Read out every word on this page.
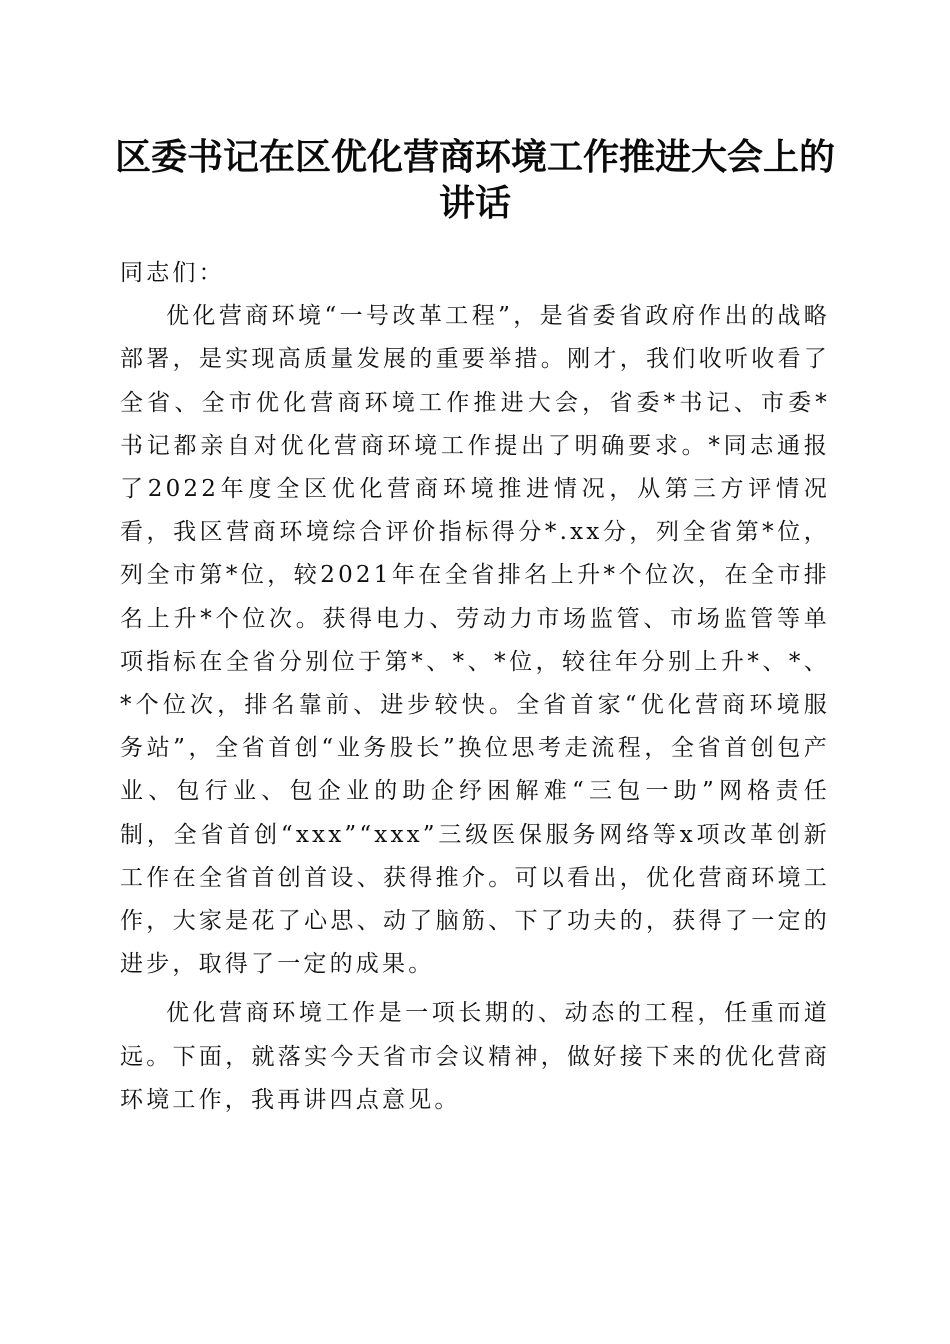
区委书记在区优化营商环境工作推进大会上的
讲话

同志们：

优化营商环境“一号改革工程”，是省委省政府作出的战略部署，是实现高质量发展的重要举措。刚才，我们收听收看了全省、全市优化营商环境工作推进大会，省委*书记、市委*书记都亲自对优化营商环境工作提出了明确要求。*同志通报了2022年度全区优化营商环境推进情况，从第三方评情况看，我区营商环境综合评价指标得分*.xx分，列全省第*位，列全市第*位，较2021年在全省排名上升*个位次，在全市排名上升*个位次。获得电力、劳动力市场监管、市场监管等单项指标在全省分别位于第*、*、*位，较往年分别上升*、*、*个位次，排名靠前、进步较快。全省首家“优化营商环境服务站”，全省首创“业务股长”换位思考走流程，全省首创包产业、包行业、包企业的助企纾困解难“三包一助”网格责任制，全省首创“xxx”“xxx”三级医保服务网络等x项改革创新工作在全省首创首设、获得推介。可以看出，优化营商环境工作，大家是花了心思、动了脑筋、下了功夫的，获得了一定的进步，取得了一定的成果。

优化营商环境工作是一项长期的、动态的工程，任重而道远。下面，就落实今天省市会议精神，做好接下来的优化营商环境工作，我再讲四点意见。
